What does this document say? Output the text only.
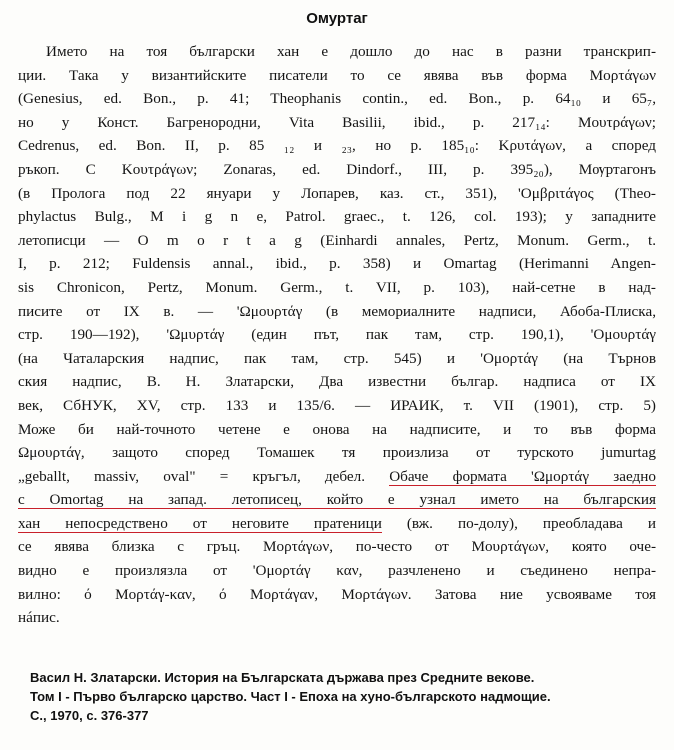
Омуртаг
Името на тоя български хан е дошло до нас в разни транскрип-
ции. Така у византийските писатели то се явява във форма Μορτάγων
(Genesius, ed. Bon., p. 41; Theophanis contin., ed. Bon., p. 64₁₀ и 65₇,
но у Конст. Багренородни, Vita Basilii, ibid., p. 217₁₄: Μουτράγων;
Cedrenus, ed. Bon. II, p. 85 ₁₂ и ₂₃, но p. 185₁₀: Κρυτάγων, а според
ръкоп. С Κουτράγων; Zonaras, ed. Dindorf., III, p. 395₂₀), Мѹртагонъ
(в Пролога под 22 януари у Лопарев, каз. ст., 351), 'Ομβριτάγος (Theo-
phylactus Bulg., M i g n e, Patrol. graec., t. 126, col. 193); у западните
летописци — O m o r t a g (Einhardi annales, Pertz, Monum. Germ., t.
I, p. 212; Fuldensis annal., ibid., p. 358) и Omartag (Herimanni Angen-
sis Chronicon, Pertz, Monum. Germ., t. VII, p. 103), най-сетне в над-
писите от IX в. — 'Ωμουρτάγ (в мемориалните надписи, Абоба-Плиска,
стр. 190—192), 'Ωμυρτάγ (един път, пак там, стр. 190,1), 'Ομουρτάγ
(на Чаталарския надпис, пак там, стр. 545) и 'Ομορτάγ (на Търнов
ския надпис, В. Н. Златарски, Два известни българ. надписа от IX
век, СбНУК, XV, стр. 133 и 135/6. — ИРАИК, т. VII (1901), стр. 5)
Може би най-точното четене е онова на надписите, и то във форма
Ωμουρτάγ, защото според Томашек тя произлиза от турското jumurtag
„geballt, massiv, oval" = кръгъл, дебел. Обаче формата 'Ωμορτάγ заедно
с Omortag на запад. летописец, който е узнал името на българския
хан непосредствено от неговите пратеници (вж. по-долу), преобладава и
се явява близка с гръц. Μορτάγων, по-често от Μουρτάγων, която оче-
видно е произлязла от 'Ομορτάγ καν, разчленено и съединено непра-
вилно: ό Μορτάγ-καν, ό Μορτάγαν, Μορτάγων. Затова ние усвояваме тоя
нáпис.
Васил Н. Златарски. История на Българската държава през Средните векове.
Том I - Първо българско царство. Част I - Епоха на хуно-българското надмощие.
С., 1970, с. 376-377
